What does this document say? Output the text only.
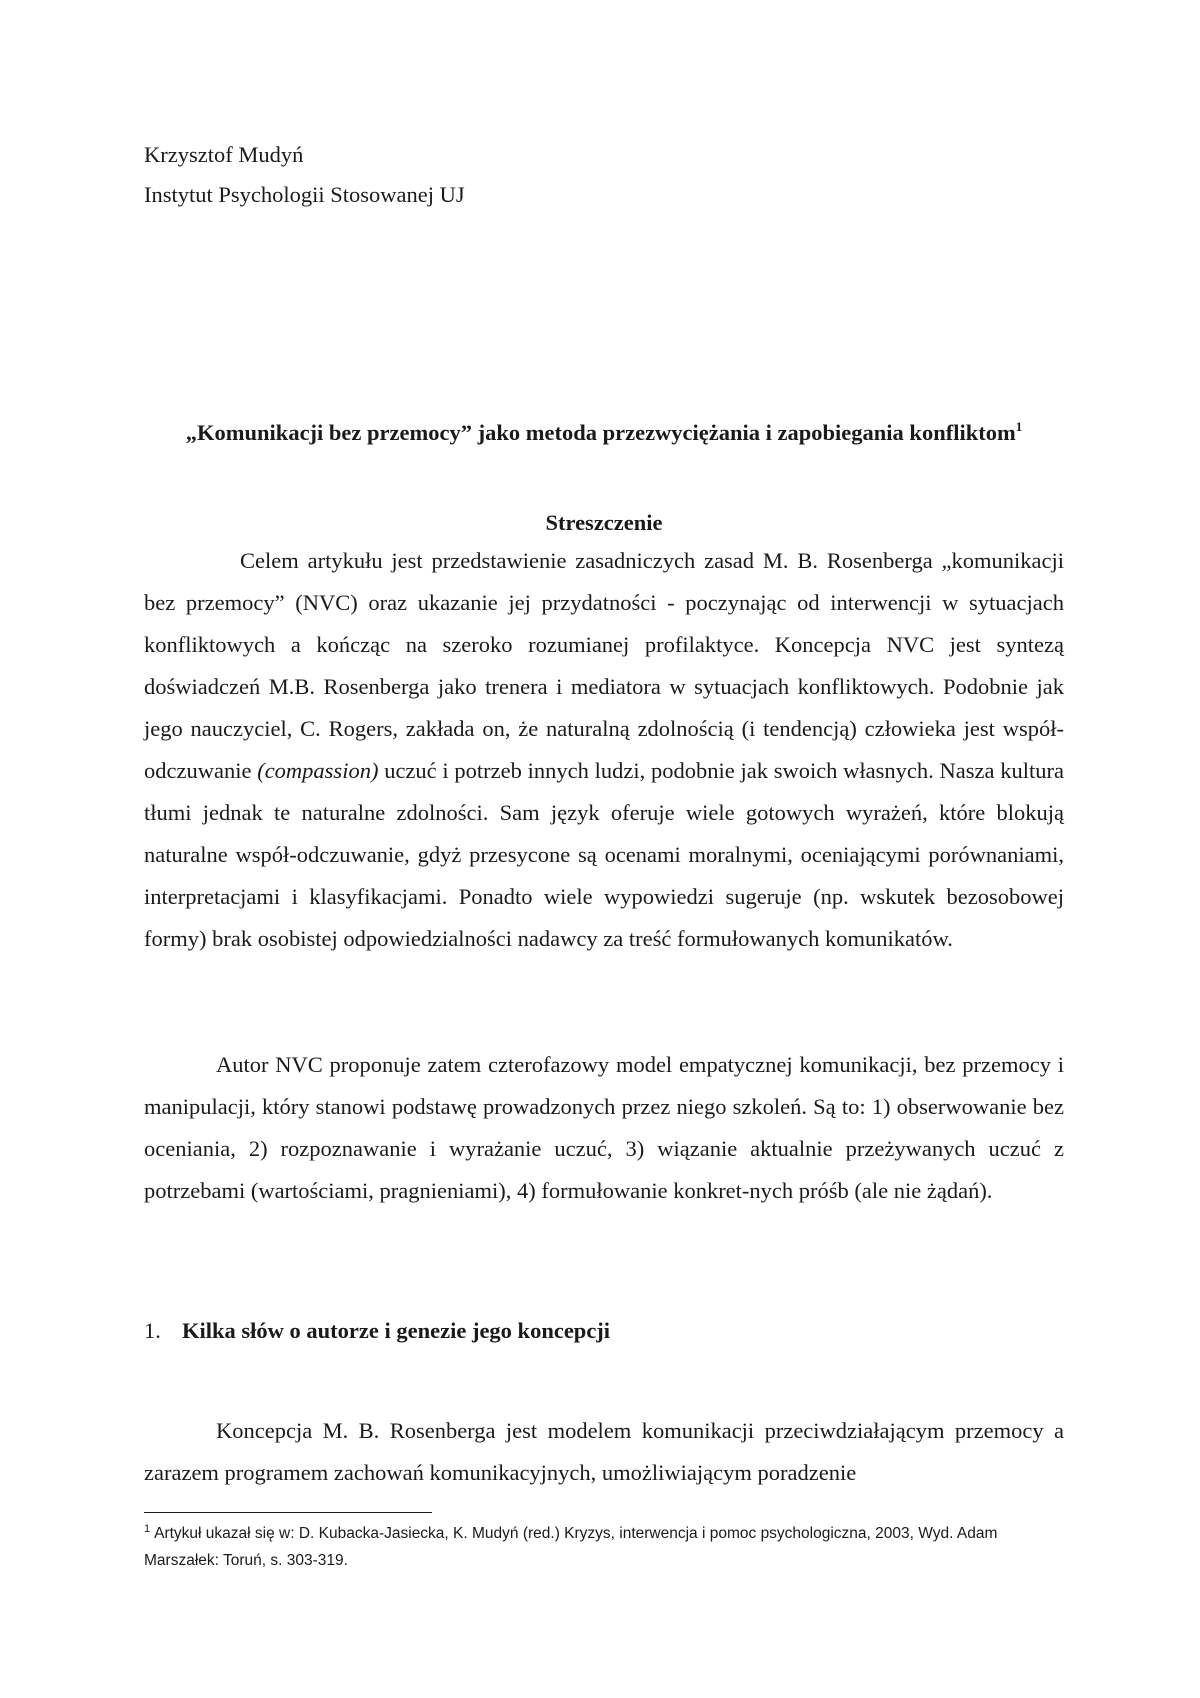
Krzysztof Mudyń
Instytut Psychologii Stosowanej UJ
„Komunikacji bez przemocy” jako metoda przezwyciężania i zapobiegania konfliktom$^1$
Streszczenie

Celem artykułu jest przedstawienie zasadniczych zasad M. B. Rosenberga „komunikacji bez przemocy” (NVC) oraz ukazanie jej przydatności - poczynając od interwencji w sytuacjach konfliktowych a kończąc na szeroko rozumianej profilaktyce. Koncepcja NVC jest syntezą doświadczeń M.B. Rosenberga jako trenera i mediatora w sytuacjach konfliktowych. Podobnie jak jego nauczyciel, C. Rogers, zakłada on, że naturalną zdolnością (i tendencją) człowieka jest współ-odczuwanie (compassion) uczuć i potrzeb innych ludzi, podobnie jak swoich własnych. Nasza kultura tłumi jednak te naturalne zdolności. Sam język oferuje wiele gotowych wyrażeń, które blokują naturalne współ-odczuwanie, gdyż przesycone są ocenami moralnymi, oceniającymi porównaniami, interpretacjami i klasyfikacjami. Ponadto wiele wypowiedzi sugeruje (np. wskutek bezosobowej formy) brak osobistej odpowiedzialności nadawcy za treść formułowanych komunikatów.

Autor NVC proponuje zatem czterofazowy model empatycznej komunikacji, bez przemocy i manipulacji, który stanowi podstawę prowadzonych przez niego szkoleń. Są to: 1) obserwowanie bez oceniania, 2) rozpoznawanie i wyrażanie uczuć, 3) wiązanie aktualnie przeżywanych uczuć z potrzebami (wartościami, pragnieniami), 4) formułowanie konkret-nych próśb (ale nie żądań).

1. Kilka słów o autorze i genezie jego koncepcji

Koncepcja M. B. Rosenberga jest modelem komunikacji przeciwdziałającym przemocy a zarazem programem zachowań komunikacyjnych, umożliwiającym poradzenie

$^1$ Artykuł ukazał się w: D. Kubacka-Jasiecka, K. Mudyń (red.) Kryzys, interwencja i pomoc psychologiczna, 2003, Wyd. Adam Marszałek: Toruń, s. 303-319.
